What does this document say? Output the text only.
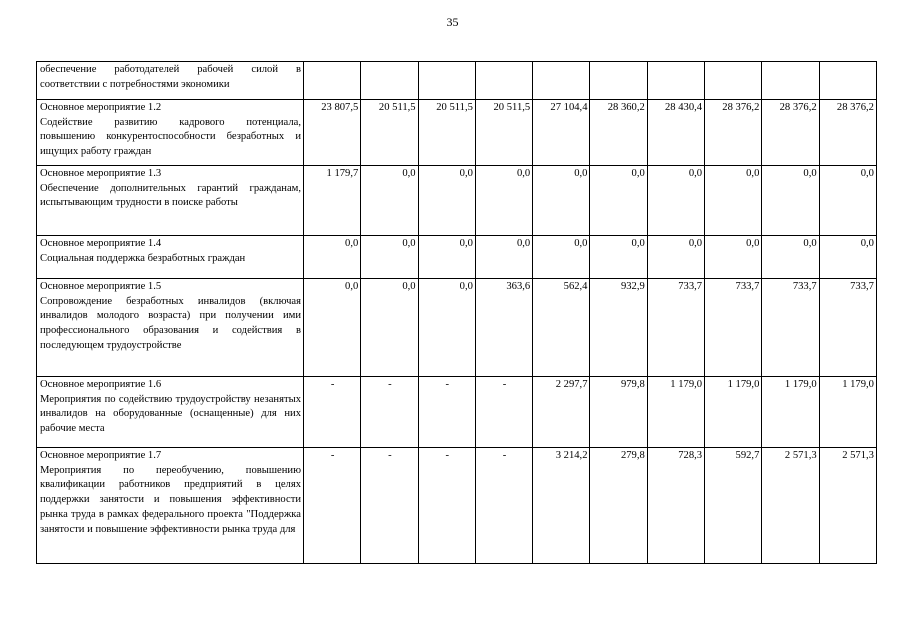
35
обеспечение работодателей рабочей силой в соответствии с потребностями экономики										

Основное мероприятие 1.2
Содействие развитию кадрового потенциала, повышению конкурентоспособности безработных и ищущих работу граждан	23 807,5	20 511,5	20 511,5	20 511,5	27 104,4	28 360,2	28 430,4	28 376,2	28 376,2	28 376,2

Основное мероприятие 1.3
Обеспечение дополнительных гарантий гражданам, испытывающим трудности в поиске работы	1 179,7	0,0	0,0	0,0	0,0	0,0	0,0	0,0	0,0	0,0

Основное мероприятие 1.4
Социальная поддержка безработных граждан	0,0	0,0	0,0	0,0	0,0	0,0	0,0	0,0	0,0	0,0

Основное мероприятие 1.5
Сопровождение безработных инвалидов (включая инвалидов молодого возраста) при получении ими профессионального образования и содействия в последующем трудоустройстве	0,0	0,0	0,0	363,6	562,4	932,9	733,7	733,7	733,7	733,7

Основное мероприятие 1.6
Мероприятия по содействию трудоустройству незанятых инвалидов на оборудованные (оснащенные) для них рабочие места	-	-	-	-	2 297,7	979,8	1 179,0	1 179,0	1 179,0	1 179,0

Основное мероприятие 1.7
Мероприятия по переобучению, повышению квалификации работников предприятий в целях поддержки занятости и повышения эффективности рынка труда в рамках федерального проекта "Поддержка занятости и повышение эффективности рынка труда для	-	-	-	-	3 214,2	279,8	728,3	592,7	2 571,3	2 571,3
